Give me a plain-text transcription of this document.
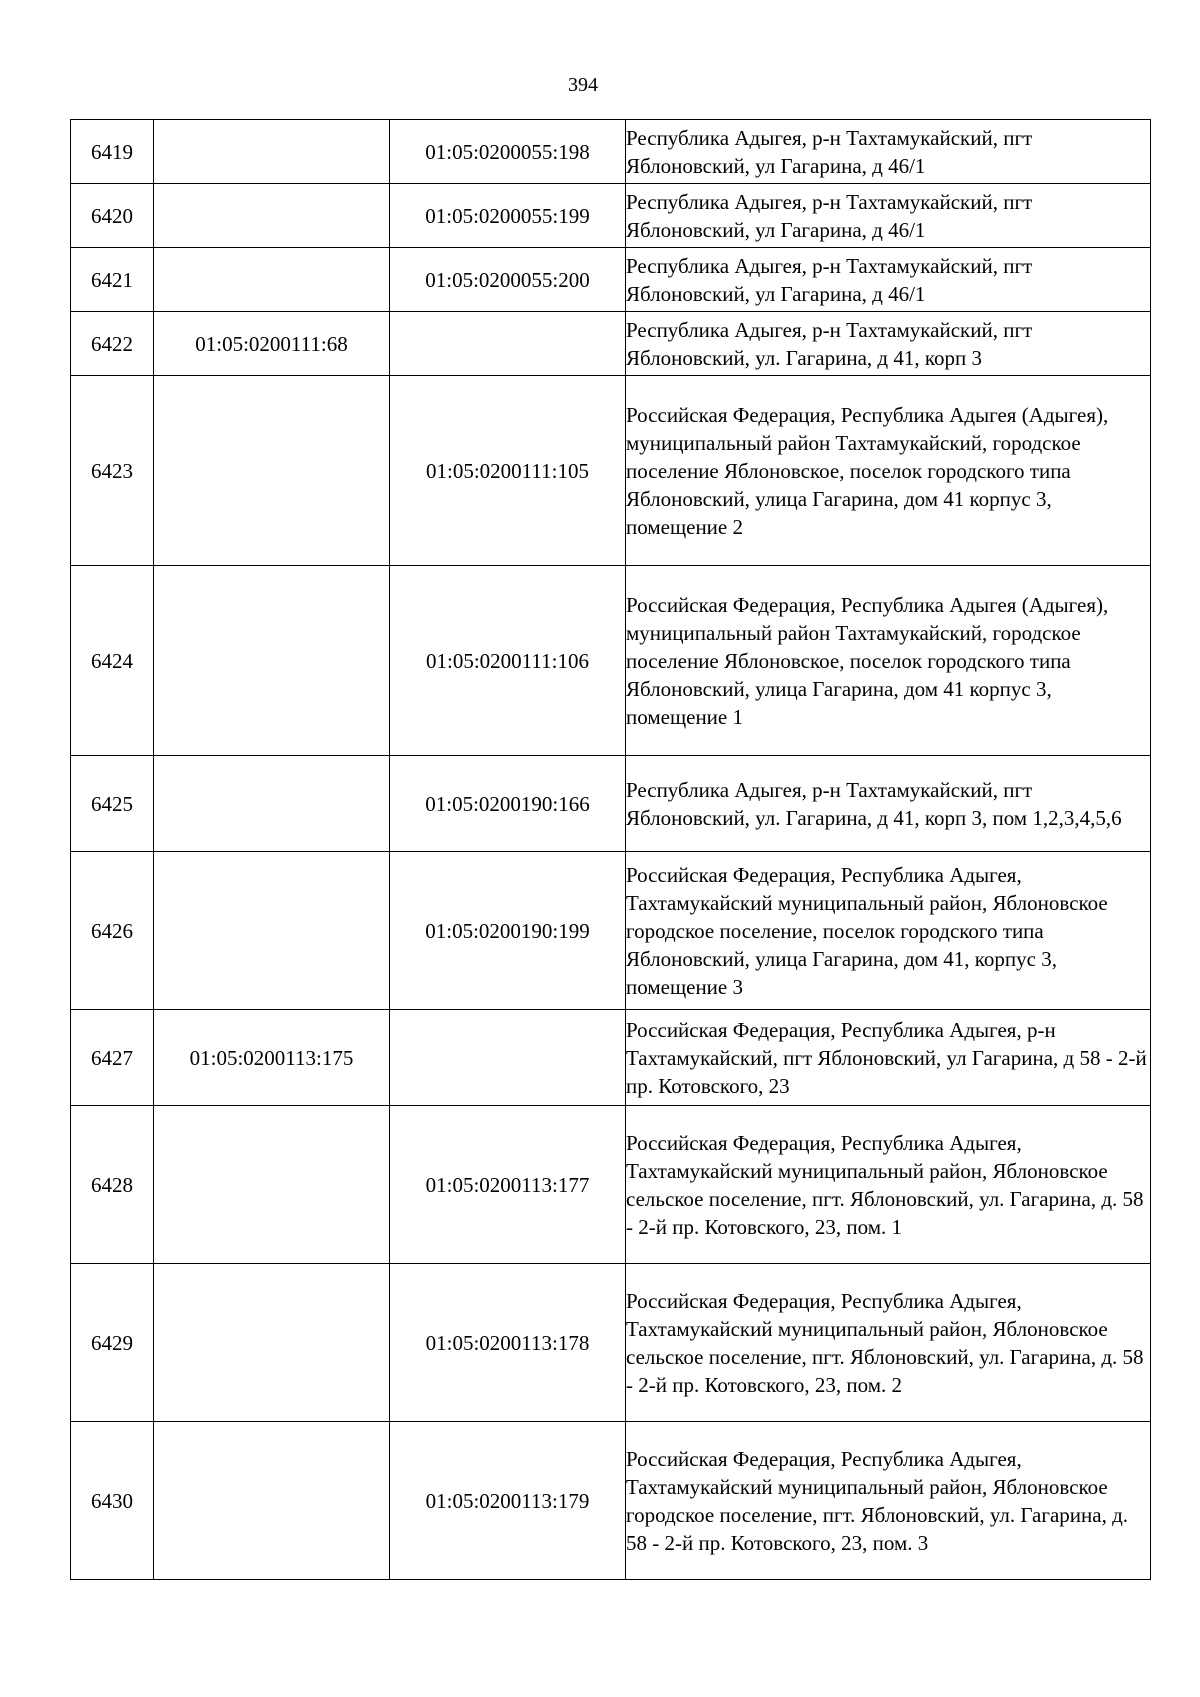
394
6419		01:05:0200055:198	Республика Адыгея, р-н Тахтамукайский, пгт Яблоновский, ул Гагарина, д 46/1
6420		01:05:0200055:199	Республика Адыгея, р-н Тахтамукайский, пгт Яблоновский, ул Гагарина, д 46/1
6421		01:05:0200055:200	Республика Адыгея, р-н Тахтамукайский, пгт Яблоновский, ул Гагарина, д 46/1
6422	01:05:0200111:68		Республика Адыгея, р-н Тахтамукайский, пгт Яблоновский, ул. Гагарина, д 41, корп 3
6423		01:05:0200111:105	Российская Федерация, Республика Адыгея (Адыгея), муниципальный район Тахтамукайский, городское поселение Яблоновское, поселок городского типа Яблоновский, улица Гагарина, дом 41 корпус 3, помещение 2
6424		01:05:0200111:106	Российская Федерация, Республика Адыгея (Адыгея), муниципальный район Тахтамукайский, городское поселение Яблоновское, поселок городского типа Яблоновский, улица Гагарина, дом 41 корпус 3, помещение 1
6425		01:05:0200190:166	Республика Адыгея, р-н Тахтамукайский, пгт Яблоновский, ул. Гагарина, д 41, корп 3, пом 1,2,3,4,5,6
6426		01:05:0200190:199	Российская Федерация, Республика Адыгея, Тахтамукайский муниципальный район, Яблоновское городское поселение, поселок городского типа Яблоновский, улица Гагарина, дом 41, корпус 3, помещение 3
6427	01:05:0200113:175		Российская Федерация, Республика Адыгея, р-н Тахтамукайский, пгт Яблоновский, ул Гагарина, д 58 - 2-й пр. Котовского, 23
6428		01:05:0200113:177	Российская Федерация, Республика Адыгея, Тахтамукайский муниципальный район, Яблоновское сельское поселение, пгт. Яблоновский, ул. Гагарина, д. 58 - 2-й пр. Котовского, 23, пом. 1
6429		01:05:0200113:178	Российская Федерация, Республика Адыгея, Тахтамукайский муниципальный район, Яблоновское сельское поселение, пгт. Яблоновский, ул. Гагарина, д. 58 - 2-й пр. Котовского, 23, пом. 2
6430		01:05:0200113:179	Российская Федерация, Республика Адыгея, Тахтамукайский муниципальный район, Яблоновское городское поселение, пгт. Яблоновский, ул. Гагарина, д. 58 - 2-й пр. Котовского, 23, пом. 3
